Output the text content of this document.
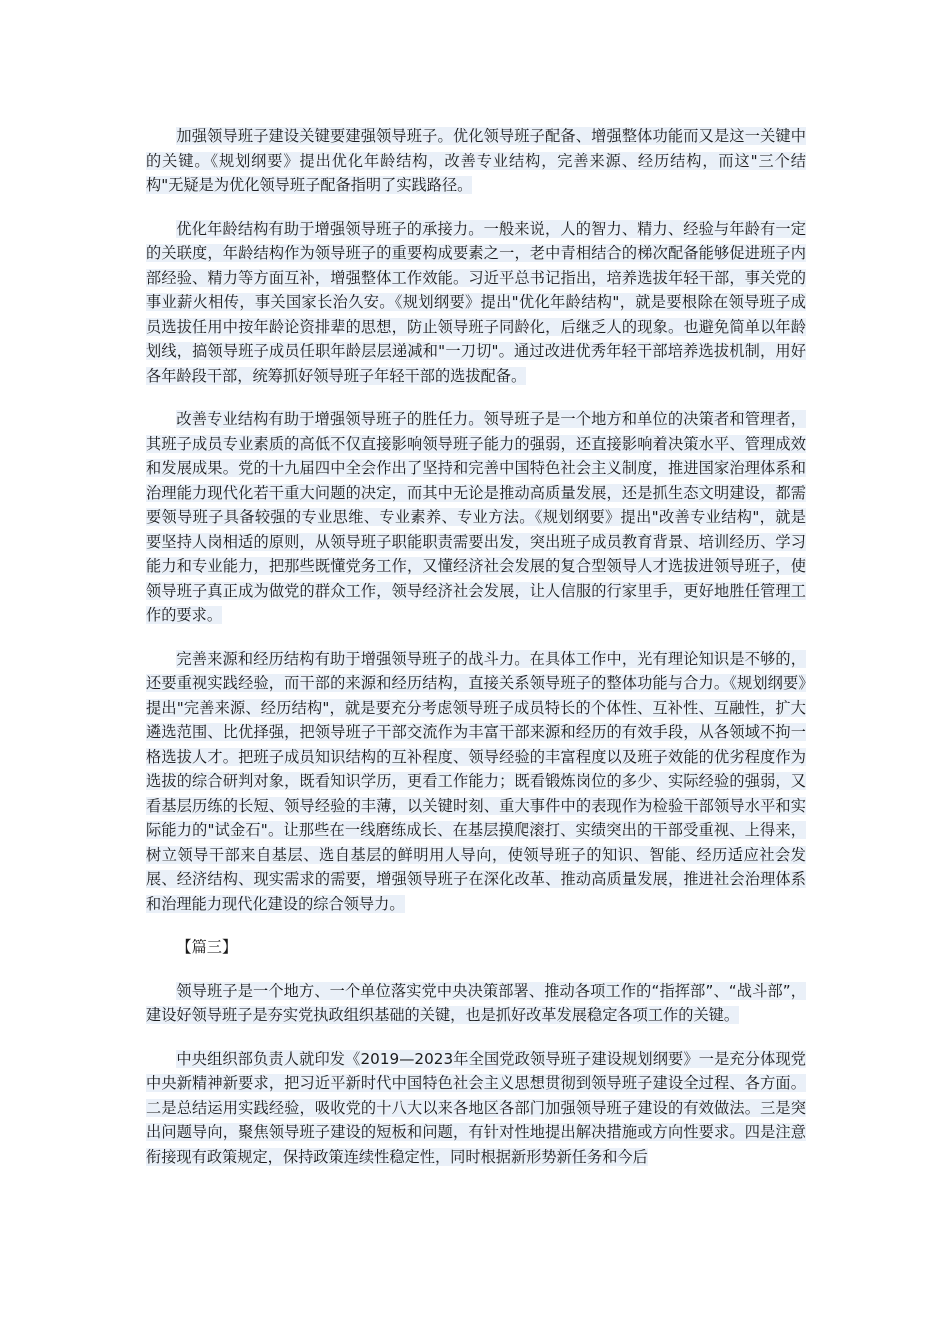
加强领导班子建设关键要建强领导班子。优化领导班子配备、增强整体功能而又是这一关键中的关键。《规划纲要》提出优化年龄结构，改善专业结构，完善来源、经历结构，而这"三个结构"无疑是为优化领导班子配备指明了实践路径。

优化年龄结构有助于增强领导班子的承接力。一般来说，人的智力、精力、经验与年龄有一定的关联度，年龄结构作为领导班子的重要构成要素之一，老中青相结合的梯次配备能够促进班子内部经验、精力等方面互补，增强整体工作效能。习近平总书记指出，培养选拔年轻干部，事关党的事业薪火相传，事关国家长治久安。《规划纲要》提出"优化年龄结构"，就是要根除在领导班子成员选拔任用中按年龄论资排辈的思想，防止领导班子同龄化，后继乏人的现象。也避免简单以年龄划线，搞领导班子成员任职年龄层层递减和"一刀切"。通过改进优秀年轻干部培养选拔机制，用好各年龄段干部，统筹抓好领导班子年轻干部的选拔配备。

改善专业结构有助于增强领导班子的胜任力。领导班子是一个地方和单位的决策者和管理者，其班子成员专业素质的高低不仅直接影响领导班子能力的强弱，还直接影响着决策水平、管理成效和发展成果。党的十九届四中全会作出了坚持和完善中国特色社会主义制度，推进国家治理体系和治理能力现代化若干重大问题的决定，而其中无论是推动高质量发展，还是抓生态文明建设，都需要领导班子具备较强的专业思维、专业素养、专业方法。《规划纲要》提出"改善专业结构"，就是要坚持人岗相适的原则，从领导班子职能职责需要出发，突出班子成员教育背景、培训经历、学习能力和专业能力，把那些既懂党务工作，又懂经济社会发展的复合型领导人才选拔进领导班子，使领导班子真正成为做党的群众工作，领导经济社会发展，让人信服的行家里手，更好地胜任管理工作的要求。

完善来源和经历结构有助于增强领导班子的战斗力。在具体工作中，光有理论知识是不够的，还要重视实践经验，而干部的来源和经历结构，直接关系领导班子的整体功能与合力。《规划纲要》提出"完善来源、经历结构"，就是要充分考虑领导班子成员特长的个体性、互补性、互融性，扩大遴选范围、比优择强，把领导班子干部交流作为丰富干部来源和经历的有效手段，从各领域不拘一格选拔人才。把班子成员知识结构的互补程度、领导经验的丰富程度以及班子效能的优劣程度作为选拔的综合研判对象，既看知识学历，更看工作能力；既看锻炼岗位的多少、实际经验的强弱，又看基层历练的长短、领导经验的丰薄，以关键时刻、重大事件中的表现作为检验干部领导水平和实际能力的"试金石"。让那些在一线磨练成长、在基层摸爬滚打、实绩突出的干部受重视、上得来，树立领导干部来自基层、选自基层的鲜明用人导向，使领导班子的知识、智能、经历适应社会发展、经济结构、现实需求的需要，增强领导班子在深化改革、推动高质量发展，推进社会治理体系和治理能力现代化建设的综合领导力。

【篇三】

领导班子是一个地方、一个单位落实党中央决策部署、推动各项工作的“指挥部”、“战斗部”，建设好领导班子是夯实党执政组织基础的关键，也是抓好改革发展稳定各项工作的关键。

中央组织部负责人就印发《2019—2023年全国党政领导班子建设规划纲要》一是充分体现党中央新精神新要求，把习近平新时代中国特色社会主义思想贯彻到领导班子建设全过程、各方面。二是总结运用实践经验，吸收党的十八大以来各地区各部门加强领导班子建设的有效做法。三是突出问题导向，聚焦领导班子建设的短板和问题，有针对性地提出解决措施或方向性要求。四是注意衔接现有政策规定，保持政策连续性稳定性，同时根据新形势新任务和今后
